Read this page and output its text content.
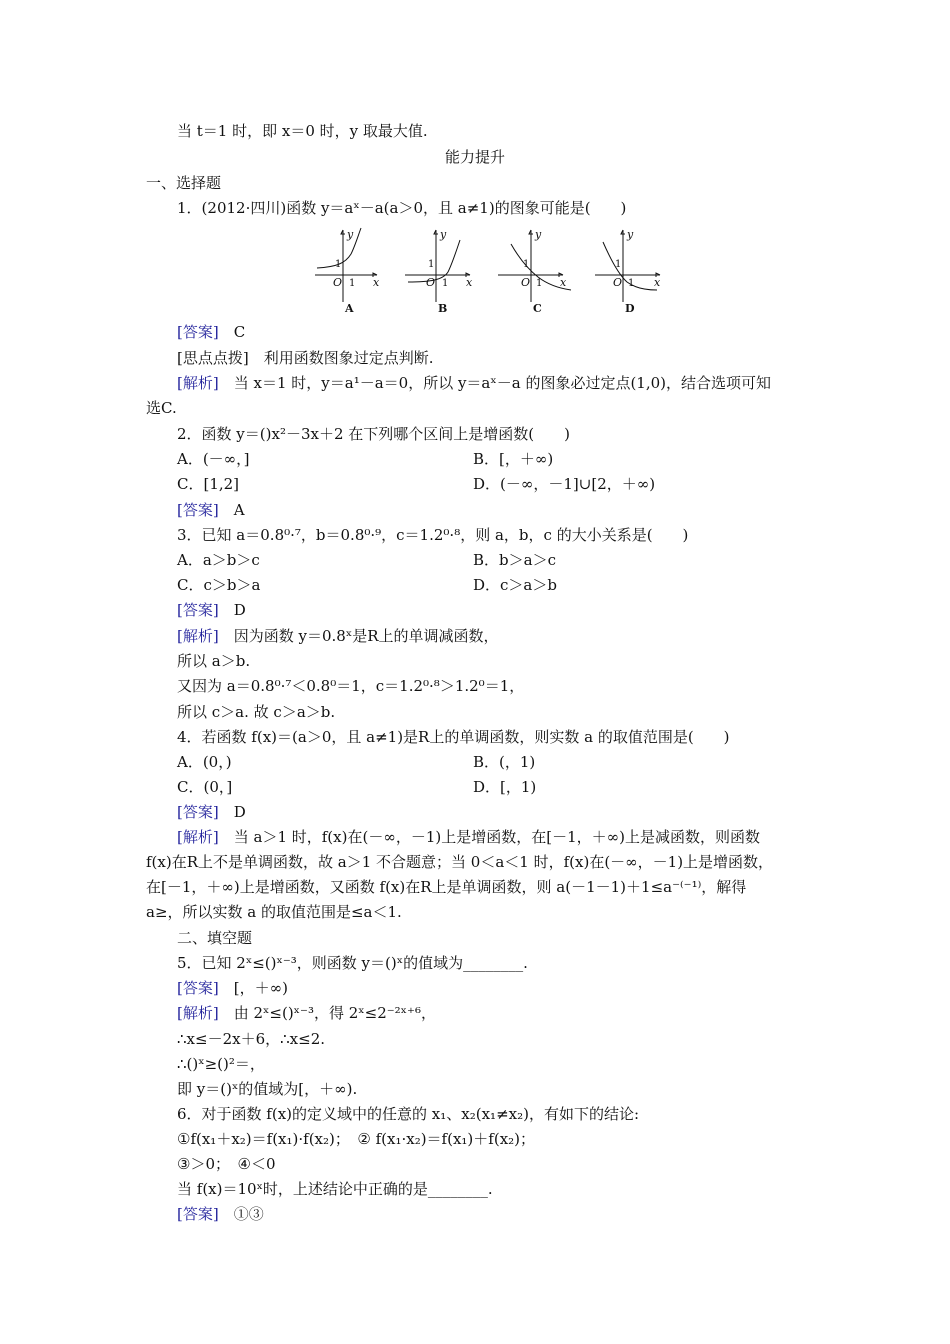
当 t＝1 时，即 x＝0 时，y 取最大值.
能力提升
一、选择题
1．(2012·四川)函数 y＝aˣ－a(a＞0，且 a≠1)的图象可能是(　　)
y
x
y
x
y
x
y
x
O	O	O	O
1
1
1
1
1
1
1
1
A	B	C	D
[答案]　 C
[思点点拨]　利用函数图象过定点判断.
[解析]　 当 x＝1 时，y＝a¹－a＝0，所以 y＝aˣ－a 的图象必过定点(1,0)，结合选项可知
选C.
2．函数 y＝()x²－3x＋2 在下列哪个区间上是增函数(　　)
A．(－∞，]	B．[，＋∞)
C．[1,2]	D．(－∞，－1]∪[2，＋∞)
[答案]　 A
3．已知 a＝0.8⁰·⁷，b＝0.8⁰·⁹，c＝1.2⁰·⁸，则 a，b，c 的大小关系是(　　)
A．a＞b＞c	B．b＞a＞c
C．c＞b＞a	D．c＞a＞b
[答案]　 D
[解析]　 因为函数 y＝0.8ˣ是R上的单调减函数，
所以 a＞b.
又因为 a＝0.8⁰·⁷＜0.8⁰＝1，c＝1.2⁰·⁸＞1.2⁰＝1，
所以 c＞a. 故 c＞a＞b.
4．若函数 f(x)＝(a＞0，且 a≠1)是R上的单调函数，则实数 a 的取值范围是(　　)
A．(0，)	B．(，1)
C．(0，]	D．[，1)
[答案]　 D
[解析]　 当 a＞1 时，f(x)在(－∞，－1)上是增函数，在[－1，＋∞)上是减函数，则函数
f(x)在R上不是单调函数，故 a＞1 不合题意；当 0＜a＜1 时，f(x)在(－∞，－1)上是增函数，
在[－1，＋∞)上是增函数，又函数 f(x)在R上是单调函数，则 a(－1－1)＋1≤a⁻⁽⁻¹⁾，解得
a≥，所以实数 a 的取值范围是≤a＜1.
二、填空题
5．已知 2ˣ≤()ˣ⁻³，则函数 y＝()ˣ的值域为________.
[答案]　 [，＋∞)
[解析]　 由 2ˣ≤()ˣ⁻³，得 2ˣ≤2⁻²ˣ⁺⁶，
∴x≤－2x＋6，∴x≤2.
∴()ˣ≥()²＝，
即 y＝()ˣ的值域为[，＋∞).
6．对于函数 f(x)的定义域中的任意的 x₁、x₂(x₁≠x₂)，有如下的结论:
①f(x₁＋x₂)＝f(x₁)·f(x₂)；　② f(x₁·x₂)＝f(x₁)＋f(x₂)；
③＞0；　④＜0
当 f(x)＝10ˣ时，上述结论中正确的是________.
[答案]　 ①③
